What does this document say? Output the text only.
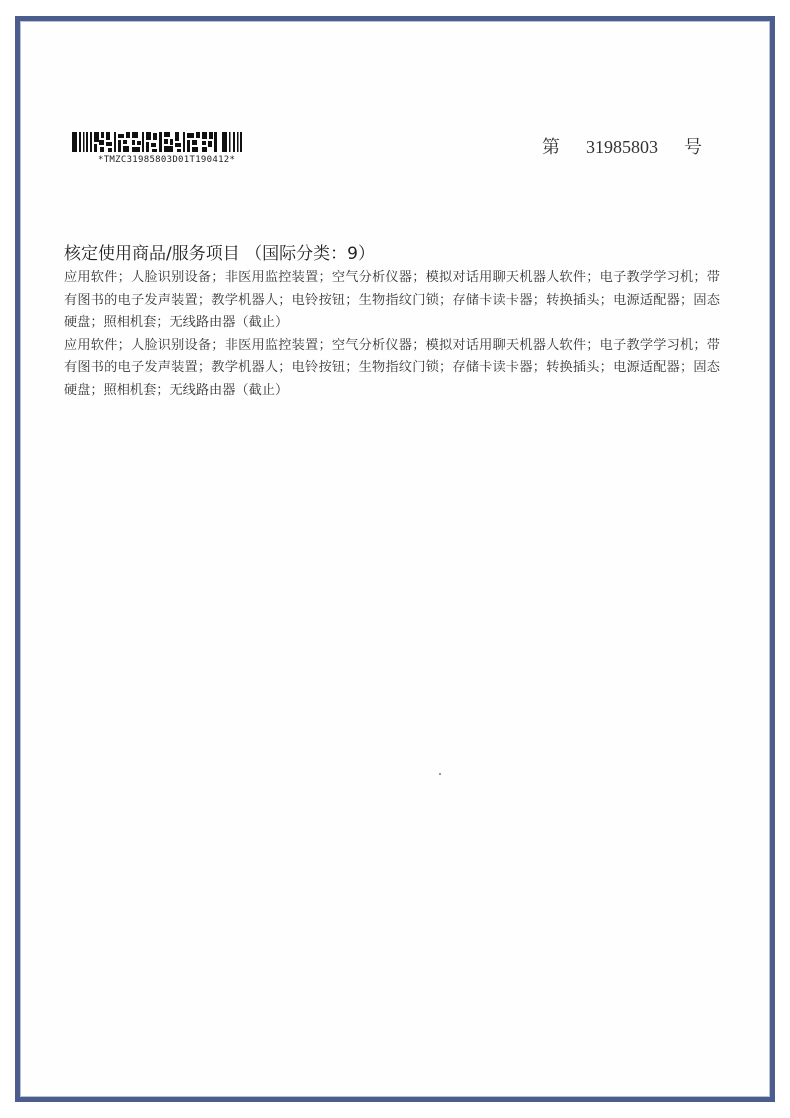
*TMZC31985803D01T190412*
第 31985803 号
核定使用商品/服务项目 （国际分类：9）

应用软件；人脸识别设备；非医用监控装置；空气分析仪器；模拟对话用聊天机器人软件；电子教学学习机；带有图书的电子发声装置；教学机器人；电铃按钮；生物指纹门锁；存储卡读卡器；转换插头；电源适配器；固态硬盘；照相机套；无线路由器（截止）

应用软件；人脸识别设备；非医用监控装置；空气分析仪器；模拟对话用聊天机器人软件；电子教学学习机；带有图书的电子发声装置；教学机器人；电铃按钮；生物指纹门锁；存储卡读卡器；转换插头；电源适配器；固态硬盘；照相机套；无线路由器（截止）
